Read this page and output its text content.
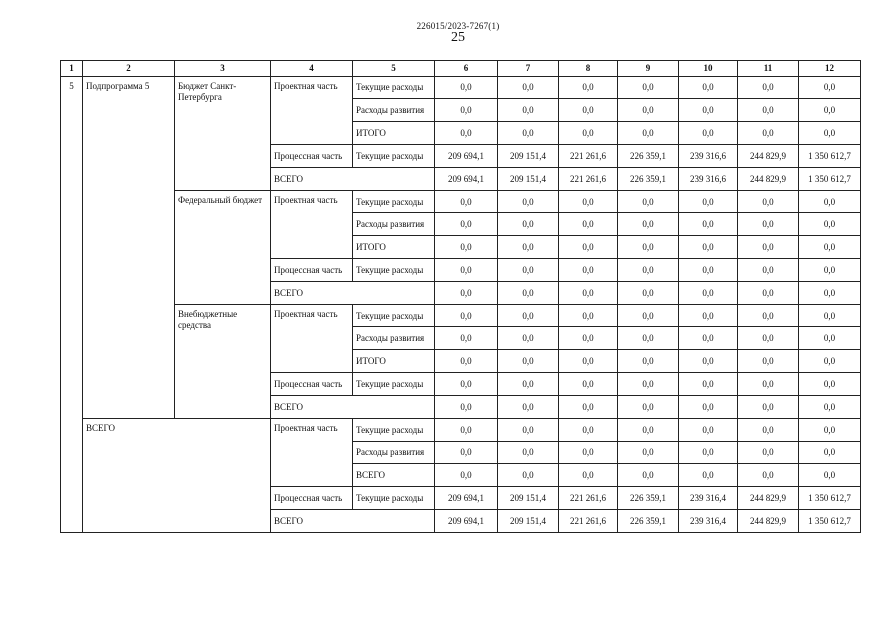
226015/2023-7267(1)
25
1	2	3	4	5	6	7	8	9	10	11	12
5	Подпрограмма 5	Бюджет Санкт-Петербурга	Проектная часть	Текущие расходы	0,0	0,0	0,0	0,0	0,0	0,0	0,0
				Расходы развития	0,0	0,0	0,0	0,0	0,0	0,0	0,0
				ИТОГО	0,0	0,0	0,0	0,0	0,0	0,0	0,0
			Процессная часть	Текущие расходы	209 694,1	209 151,4	221 261,6	226 359,1	239 316,6	244 829,9	1 350 612,7
			ВСЕГО		209 694,1	209 151,4	221 261,6	226 359,1	239 316,6	244 829,9	1 350 612,7
		Федеральный бюджет	Проектная часть	Текущие расходы	0,0	0,0	0,0	0,0	0,0	0,0	0,0
				Расходы развития	0,0	0,0	0,0	0,0	0,0	0,0	0,0
				ИТОГО	0,0	0,0	0,0	0,0	0,0	0,0	0,0
			Процессная часть	Текущие расходы	0,0	0,0	0,0	0,0	0,0	0,0	0,0
			ВСЕГО		0,0	0,0	0,0	0,0	0,0	0,0	0,0
		Внебюджетные средства	Проектная часть	Текущие расходы	0,0	0,0	0,0	0,0	0,0	0,0	0,0
				Расходы развития	0,0	0,0	0,0	0,0	0,0	0,0	0,0
				ИТОГО	0,0	0,0	0,0	0,0	0,0	0,0	0,0
			Процессная часть	Текущие расходы	0,0	0,0	0,0	0,0	0,0	0,0	0,0
			ВСЕГО		0,0	0,0	0,0	0,0	0,0	0,0	0,0
	ВСЕГО		Проектная часть	Текущие расходы	0,0	0,0	0,0	0,0	0,0	0,0	0,0
				Расходы развития	0,0	0,0	0,0	0,0	0,0	0,0	0,0
				ВСЕГО	0,0	0,0	0,0	0,0	0,0	0,0	0,0
			Процессная часть	Текущие расходы	209 694,1	209 151,4	221 261,6	226 359,1	239 316,4	244 829,9	1 350 612,7
			ВСЕГО		209 694,1	209 151,4	221 261,6	226 359,1	239 316,4	244 829,9	1 350 612,7
